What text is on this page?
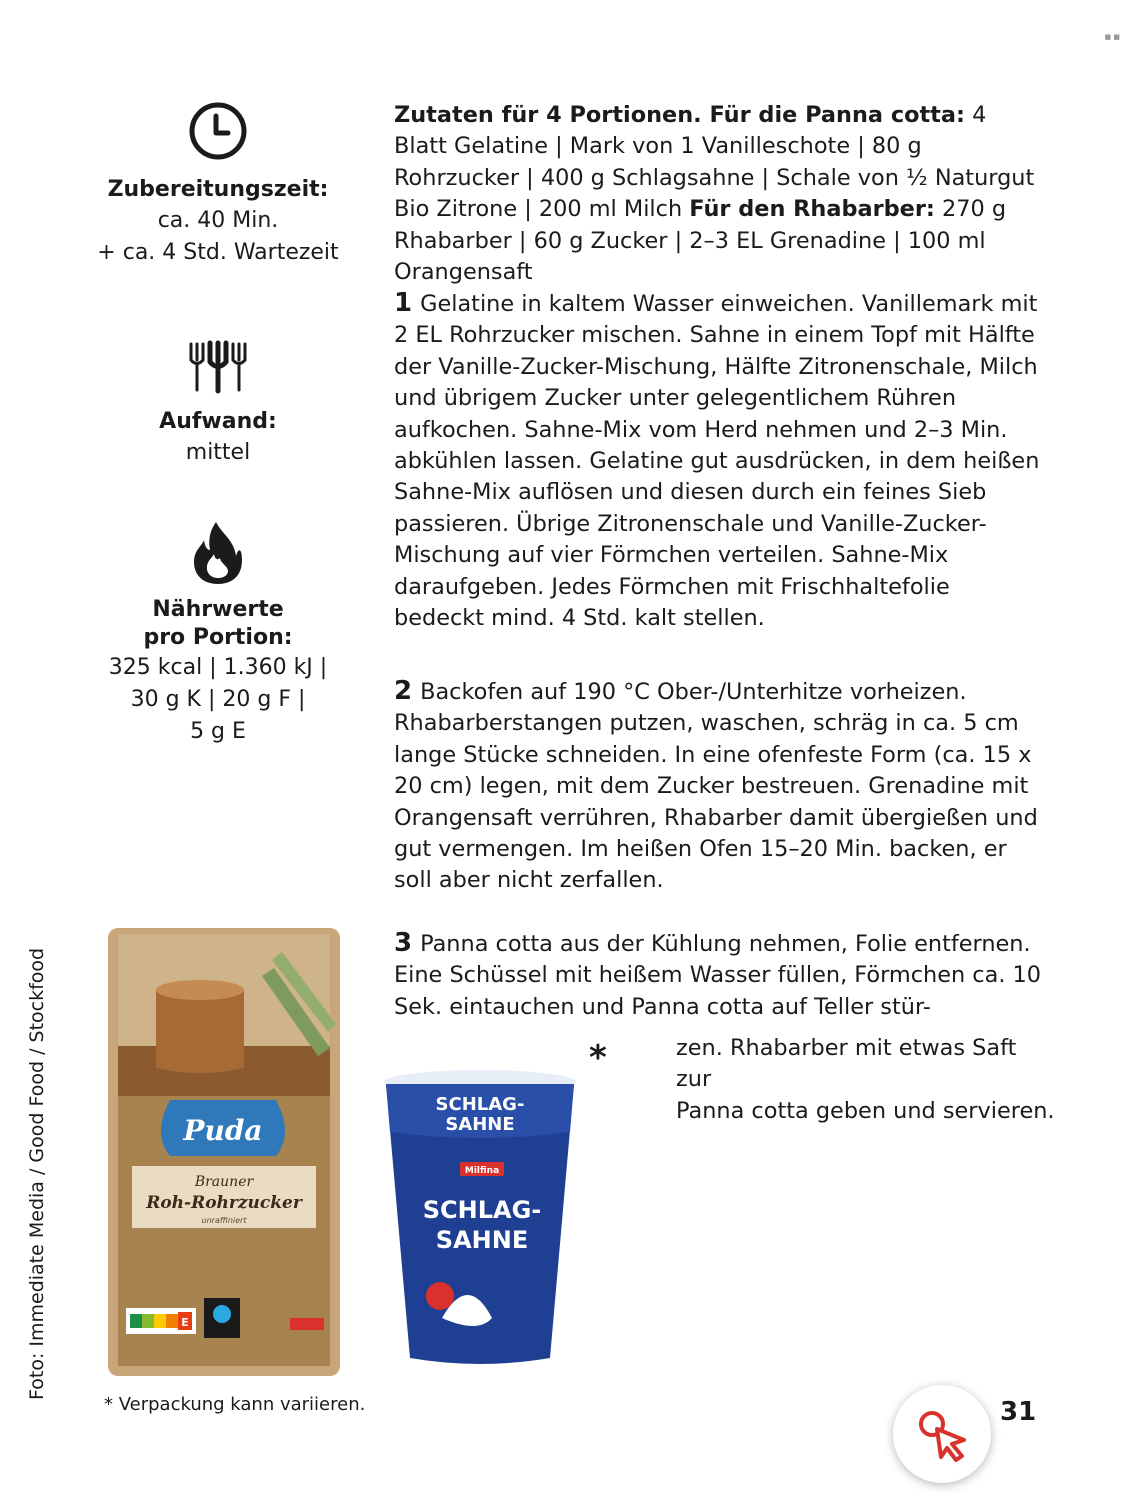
■ ■
Zubereitungszeit:
ca. 40 Min.
+ ca. 4 Std. Wartezeit
Aufwand:
mittel
Nährwerte
pro Portion:
325 kcal | 1.360 kJ |
30 g K | 20 g F |
5 g E

Zutaten für 4 Portionen. Für die Panna cotta: 4 Blatt Gelatine | Mark von 1 Vanilleschote | 80 g Rohrzucker | 400 g Schlagsahne | Schale von ½ Naturgut Bio Zitrone | 200 ml Milch Für den Rhabarber: 270 g Rhabarber | 60 g Zucker | 2–3 EL Grenadine | 100 ml Orangensaft

1 Gelatine in kaltem Wasser einweichen. Vanillemark mit 2 EL Rohrzucker mischen. Sahne in einem Topf mit Hälfte der Vanille-Zucker-Mischung, Hälfte Zitronenschale, Milch und übrigem Zucker unter gelegentlichem Rühren aufkochen. Sahne-Mix vom Herd nehmen und 2–3 Min. abkühlen lassen. Gelatine gut ausdrücken, in dem heißen Sahne-Mix auflösen und diesen durch ein feines Sieb passieren. Übrige Zitronenschale und Vanille-Zucker-Mischung auf vier Förmchen verteilen. Sahne-Mix daraufgeben. Jedes Förmchen mit Frischhaltefolie bedeckt mind. 4 Std. kalt stellen.

2 Backofen auf 190 °C Ober-/Unterhitze vorheizen. Rhabarberstangen putzen, waschen, schräg in ca. 5 cm lange Stücke schneiden. In eine ofenfeste Form (ca. 15 x 20 cm) legen, mit dem Zucker bestreuen. Grenadine mit Orangensaft verrühren, Rhabarber damit übergießen und gut vermengen. Im heißen Ofen 15–20 Min. backen, er soll aber nicht zerfallen.

3 Panna cotta aus der Kühlung nehmen, Folie entfernen. Eine Schüssel mit heißem Wasser füllen, Förmchen ca. 10 Sek. eintauchen und Panna cotta auf Teller stür-

zen. Rhabarber mit etwas Saft zur

Panna cotta geben und servieren.

*
Puda
Brauner
Roh-Rohrzucker
unraffiniert
E
SCHLAG-
SAHNE
Milfina
SCHLAG-
SAHNE
Foto: Immediate Media / Good Food / Stockfood
* Verpackung kann variieren.	31
